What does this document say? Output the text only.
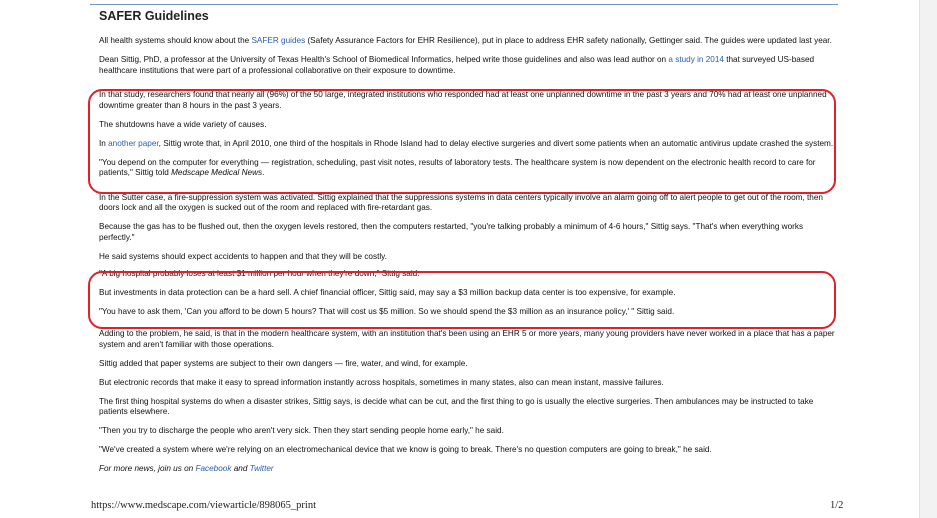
SAFER Guidelines

All health systems should know about the SAFER guides (Safety Assurance Factors for EHR Resilience), put in place to address EHR safety nationally, Gettinger said. The guides were updated last year.

Dean Sittig, PhD, a professor at the University of Texas Health's School of Biomedical Informatics, helped write those guidelines and also was lead author on a study in 2014 that surveyed US-based healthcare institutions that were part of a professional collaborative on their exposure to downtime.

In that study, researchers found that nearly all (96%) of the 50 large, integrated institutions who responded had at least one unplanned downtime in the past 3 years and 70% had at least one unplanned downtime greater than 8 hours in the past 3 years.

The shutdowns have a wide variety of causes.

In another paper, Sittig wrote that, in April 2010, one third of the hospitals in Rhode Island had to delay elective surgeries and divert some patients when an automatic antivirus update crashed the system.

"You depend on the computer for everything — registration, scheduling, past visit notes, results of laboratory tests. The healthcare system is now dependent on the electronic health record to care for patients," Sittig told Medscape Medical News.

In the Sutter case, a fire-suppression system was activated. Sittig explained that the suppressions systems in data centers typically involve an alarm going off to alert people to get out of the room, then doors lock and all the oxygen is sucked out of the room and replaced with fire-retardant gas.

Because the gas has to be flushed out, then the oxygen levels restored, then the computers restarted, "you're talking probably a minimum of 4-6 hours," Sittig says. "That's when everything works perfectly."

He said systems should expect accidents to happen and that they will be costly.

"A big hospital probably loses at least $1 million per hour when they're down," Sittig said.

But investments in data protection can be a hard sell. A chief financial officer, Sittig said, may say a $3 million backup data center is too expensive, for example.

"You have to ask them, 'Can you afford to be down 5 hours? That will cost us $5 million. So we should spend the $3 million as an insurance policy,' " Sittig said.

Adding to the problem, he said, is that in the modern healthcare system, with an institution that's been using an EHR 5 or more years, many young providers have never worked in a place that has a paper system and aren't familiar with those operations.

Sittig added that paper systems are subject to their own dangers — fire, water, and wind, for example.

But electronic records that make it easy to spread information instantly across hospitals, sometimes in many states, also can mean instant, massive failures.

The first thing hospital systems do when a disaster strikes, Sittig says, is decide what can be cut, and the first thing to go is usually the elective surgeries. Then ambulances may be instructed to take patients elsewhere.

"Then you try to discharge the people who aren't very sick. Then they start sending people home early," he said.

"We've created a system where we're relying on an electromechanical device that we know is going to break. There's no question computers are going to break," he said.

For more news, join us on Facebook and Twitter

https://www.medscape.com/viewarticle/898065_print	1/2
